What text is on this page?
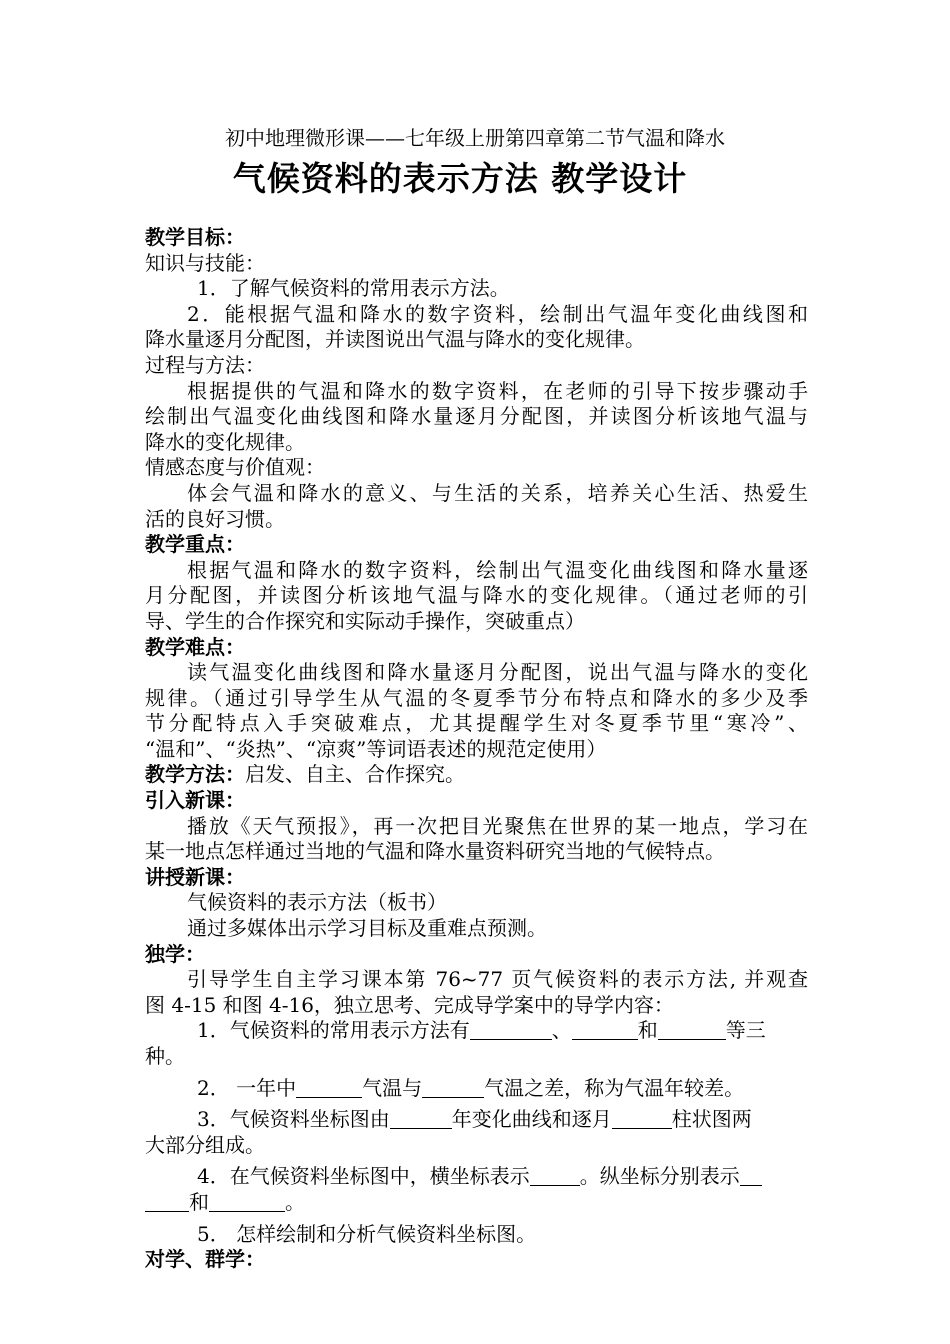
初中地理微形课——七年级上册第四章第二节气温和降水
气候资料的表示方法 教学设计
教学目标：
知识与技能：
1．了解气候资料的常用表示方法。
2．能根据气温和降水的数字资料，绘制出气温年变化曲线图和
降水量逐月分配图，并读图说出气温与降水的变化规律。
过程与方法：
根据提供的气温和降水的数字资料，在老师的引导下按步骤动手
绘制出气温变化曲线图和降水量逐月分配图，并读图分析该地气温与
降水的变化规律。
情感态度与价值观：
体会气温和降水的意义、与生活的关系，培养关心生活、热爱生
活的良好习惯。
教学重点：
根据气温和降水的数字资料，绘制出气温变化曲线图和降水量逐
月分配图，并读图分析该地气温与降水的变化规律。（通过老师的引
导、学生的合作探究和实际动手操作，突破重点）
教学难点：
读气温变化曲线图和降水量逐月分配图，说出气温与降水的变化
规律。（通过引导学生从气温的冬夏季节分布特点和降水的多少及季
节分配特点入手突破难点，尤其提醒学生对冬夏季节里“寒冷”、
“温和”、“炎热”、“凉爽”等词语表述的规范定使用）
教学方法：启发、自主、合作探究。
引入新课：
播放《天气预报》，再一次把目光聚焦在世界的某一地点，学习在
某一地点怎样通过当地的气温和降水量资料研究当地的气候特点。
讲授新课：
气候资料的表示方法（板书）
通过多媒体出示学习目标及重难点预测。
独学：
引导学生自主学习课本第 76~77 页气候资料的表示方法, 并观查
图 4-15 和图 4-16，独立思考、完成导学案中的导学内容：
1．气候资料的常用表示方法有	、	和	等三
种。
2． 一年中	气温与	气温之差，称为气温年较差。
3．气候资料坐标图由	年变化曲线和逐月	柱状图两
大部分组成。
4．在气候资料坐标图中，横坐标表示	。纵坐标分别表示
和	。
5． 怎样绘制和分析气候资料坐标图。
对学、群学：
